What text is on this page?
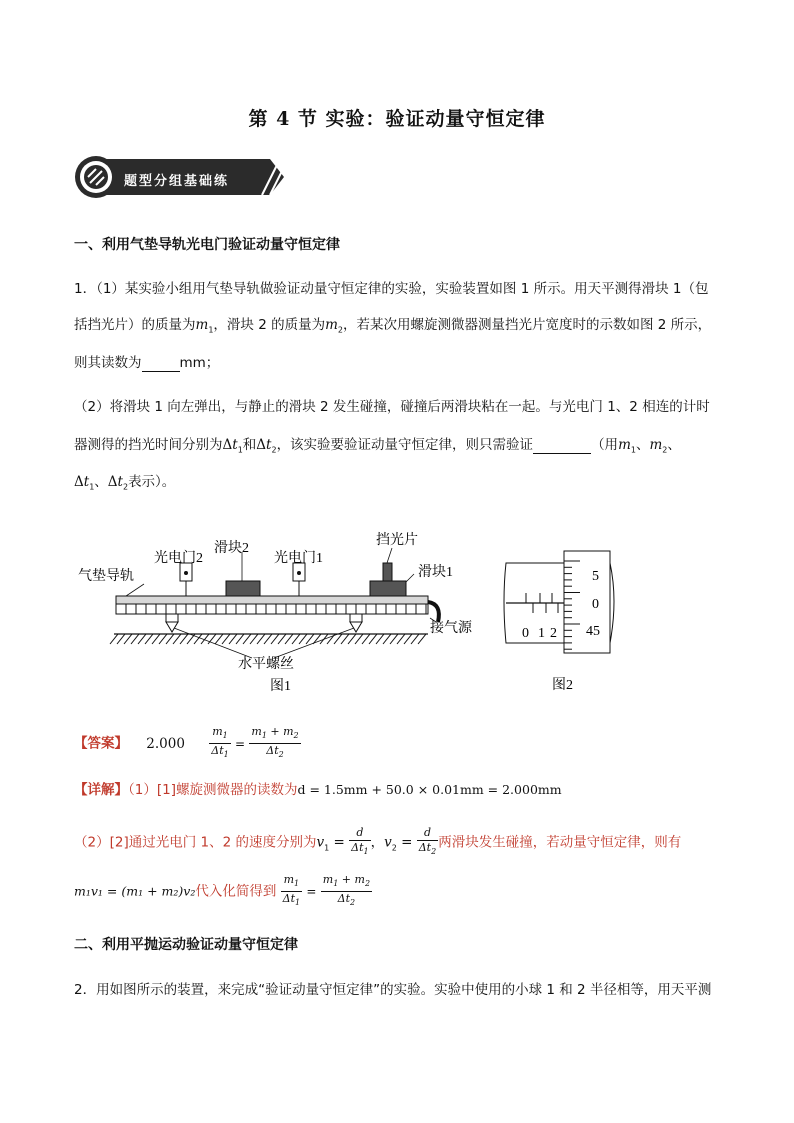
第 4 节 实验：验证动量守恒定律
题型分组基础练
一、利用气垫导轨光电门验证动量守恒定律
1．（1）某实验小组用气垫导轨做验证动量守恒定律的实验，实验装置如图 1 所示。用天平测得滑块 1（包
括挡光片）的质量为$m_1$，滑块 2 的质量为$m_2$，若某次用螺旋测微器测量挡光片宽度时的示数如图 2 所示，
则其读数为	mm；
（2）将滑块 1 向左弹出，与静止的滑块 2 发生碰撞，碰撞后两滑块粘在一起。与光电门 1、2 相连的计时
器测得的挡光时间分别为$\Delta t_1$和$\Delta t_2$，该实验要验证动量守恒定律，则只需验证	（用$m_1$、$m_2$、
$\Delta t_1$、$\Delta t_2$表示）。
气垫导轨
光电门2
滑块2
光电门1
挡光片
滑块1
接气源
水平螺丝
图1
5
0
45
0 1 2
图2
【答案】 $2.000 \frac{m_1}{\Delta t_1} = \frac{m_1 + m_2}{\Delta t_2}$
【详解】（1）[1]螺旋测微器的读数为d = 1.5mm + 50.0 × 0.01mm = 2.000mm
（2）[2]通过光电门 1、2 的速度分别为$v_1 = \frac{d}{\Delta t_1}$ ，$v_2 = \frac{d}{\Delta t_2}$ 两滑块发生碰撞，若动量守恒定律，则有
m₁v₁ = (m₁ + m₂)v₂代入化简得到 $\frac{m_1}{\Delta t_1} = \frac{m_1 + m_2}{\Delta t_2}$
二、利用平抛运动验证动量守恒定律
2．用如图所示的装置，来完成“验证动量守恒定律”的实验。实验中使用的小球 1 和 2 半径相等，用天平测
